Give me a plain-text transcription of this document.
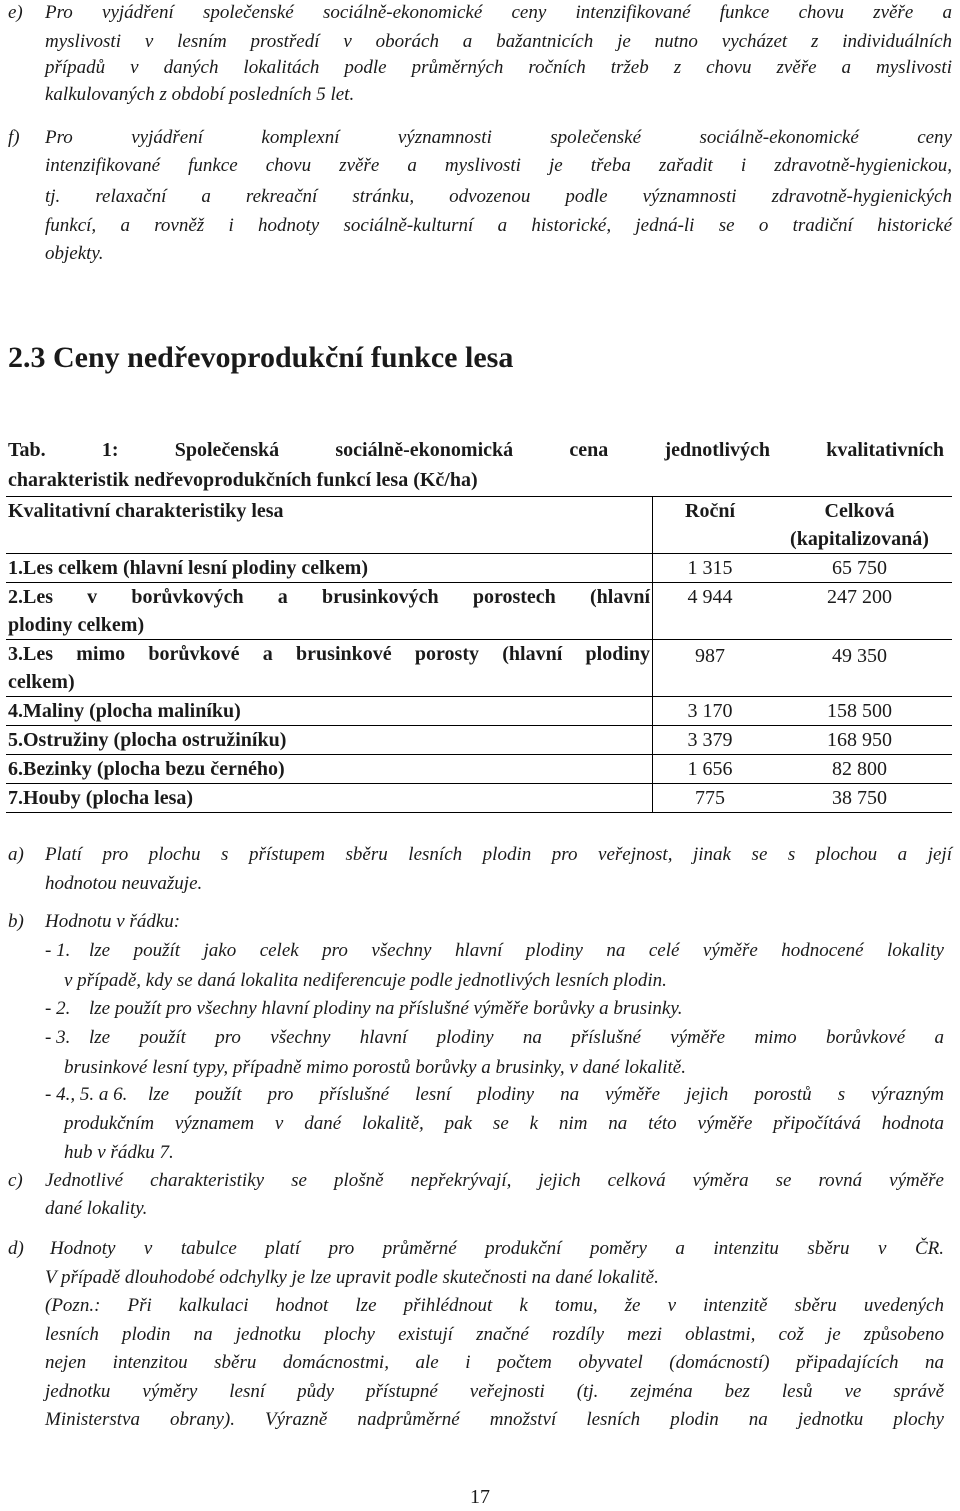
e) Pro vyjádření společenské sociálně-ekonomické ceny intenzifikované funkce chovu zvěře a
myslivosti v lesním prostředí v oborách a bažantnicích je nutno vycházet z individuálních
případů v daných lokalitách podle průměrných ročních tržeb z chovu zvěře a myslivosti
kalkulovaných z období posledních 5 let.
f) Pro vyjádření komplexní významnosti společenské sociálně-ekonomické ceny
intenzifikované funkce chovu zvěře a myslivosti je třeba zařadit i zdravotně-hygienickou,
tj. relaxační a rekreační stránku, odvozenou podle významnosti zdravotně-hygienických
funkcí, a rovněž i hodnoty sociálně-kulturní a historické, jedná-li se o tradiční historické
objekty.
2.3 Ceny nedřevoprodukční funkce lesa
Tab. 1: Společenská sociálně-ekonomická cena jednotlivých kvalitativních
charakteristik nedřevoprodukčních funkcí lesa (Kč/ha)
Kvalitativní charakteristiky lesa	Roční	Celková
(kapitalizovaná)

1.Les celkem (hlavní lesní plodiny celkem)	1 315	65 750

2.Les v borůvkových a brusinkových porostech (hlavní
plodiny celkem)	4 944	247 200

3.Les mimo borůvkové a brusinkové porosty (hlavní plodiny
celkem)	987	49 350

4.Maliny (plocha maliníku)	3 170	158 500

5.Ostružiny (plocha ostružiníku)	3 379	168 950

6.Bezinky (plocha bezu černého)	1 656	82 800

7.Houby (plocha lesa)	775	38 750
a) Platí pro plochu s přístupem sběru lesních plodin pro veřejnost, jinak se s plochou a její
hodnotou neuvažuje.
b) Hodnotu v řádku:
- 1. lze použít jako celek pro všechny hlavní plodiny na celé výměře hodnocené lokality
v případě, kdy se daná lokalita nediferencuje podle jednotlivých lesních plodin.
- 2. lze použít pro všechny hlavní plodiny na příslušné výměře borůvky a brusinky.
- 3. lze použít pro všechny hlavní plodiny na příslušné výměře mimo borůvkové a
brusinkové lesní typy, případně mimo porostů borůvky a brusinky, v dané lokalitě.
- 4., 5. a 6. lze použít pro příslušné lesní plodiny na výměře jejich porostů s výrazným
produkčním významem v dané lokalitě, pak se k nim na této výměře připočítává hodnota
hub v řádku 7.
c) Jednotlivé charakteristiky se plošně nepřekrývají, jejich celková výměra se rovná výměře
dané lokality.
d) Hodnoty v tabulce platí pro průměrné produkční poměry a intenzitu sběru v ČR.
V případě dlouhodobé odchylky je lze upravit podle skutečnosti na dané lokalitě.
(Pozn.: Při kalkulaci hodnot lze přihlédnout k tomu, že v intenzitě sběru uvedených
lesních plodin na jednotku plochy existují značné rozdíly mezi oblastmi, což je způsobeno
nejen intenzitou sběru domácnostmi, ale i počtem obyvatel (domácností) připadajících na
jednotku výměry lesní půdy přístupné veřejnosti (tj. zejména bez lesů ve správě
Ministerstva obrany). Výrazně nadprůměrné množství lesních plodin na jednotku plochy
17
